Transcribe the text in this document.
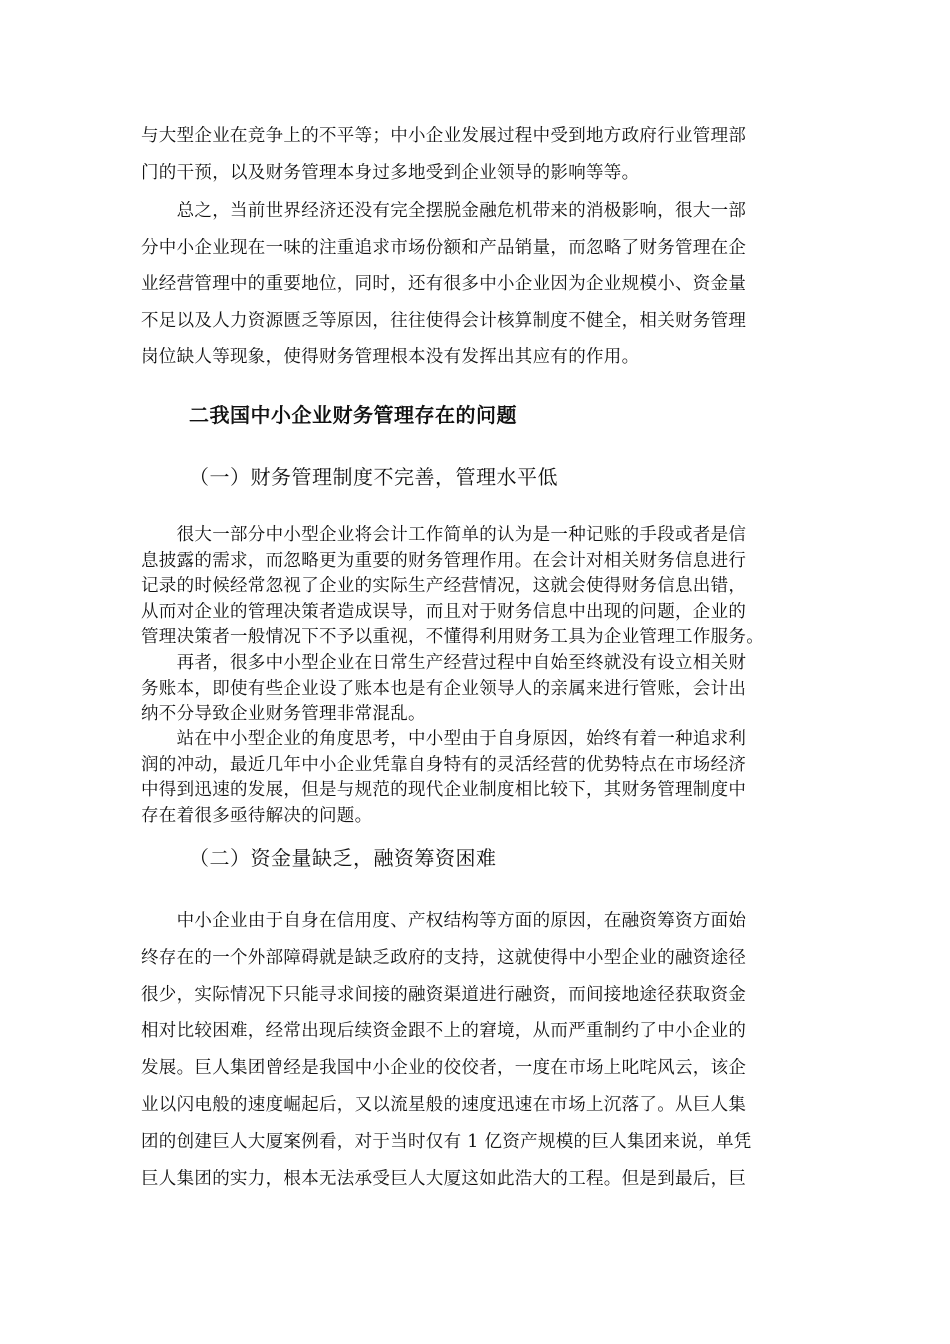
与大型企业在竞争上的不平等；中小企业发展过程中受到地方政府行业管理部
门的干预，以及财务管理本身过多地受到企业领导的影响等等。
　　总之，当前世界经济还没有完全摆脱金融危机带来的消极影响，很大一部
分中小企业现在一味的注重追求市场份额和产品销量，而忽略了财务管理在企
业经营管理中的重要地位，同时，还有很多中小企业因为企业规模小、资金量
不足以及人力资源匮乏等原因，往往使得会计核算制度不健全，相关财务管理
岗位缺人等现象，使得财务管理根本没有发挥出其应有的作用。
二我国中小企业财务管理存在的问题
（一）财务管理制度不完善，管理水平低
　　很大一部分中小型企业将会计工作简单的认为是一种记账的手段或者是信
息披露的需求，而忽略更为重要的财务管理作用。在会计对相关财务信息进行
记录的时候经常忽视了企业的实际生产经营情况，这就会使得财务信息出错，
从而对企业的管理决策者造成误导，而且对于财务信息中出现的问题，企业的
管理决策者一般情况下不予以重视，不懂得利用财务工具为企业管理工作服务。
　　再者，很多中小型企业在日常生产经营过程中自始至终就没有设立相关财
务账本，即使有些企业设了账本也是有企业领导人的亲属来进行管账，会计出
纳不分导致企业财务管理非常混乱。
　　站在中小型企业的角度思考，中小型由于自身原因，始终有着一种追求利
润的冲动，最近几年中小企业凭靠自身特有的灵活经营的优势特点在市场经济
中得到迅速的发展，但是与规范的现代企业制度相比较下，其财务管理制度中
存在着很多亟待解决的问题。
（二）资金量缺乏，融资筹资困难
　　中小企业由于自身在信用度、产权结构等方面的原因，在融资筹资方面始
终存在的一个外部障碍就是缺乏政府的支持，这就使得中小型企业的融资途径
很少，实际情况下只能寻求间接的融资渠道进行融资，而间接地途径获取资金
相对比较困难，经常出现后续资金跟不上的窘境，从而严重制约了中小企业的
发展。巨人集团曾经是我国中小企业的佼佼者，一度在市场上叱咤风云，该企
业以闪电般的速度崛起后，又以流星般的速度迅速在市场上沉落了。从巨人集
团的创建巨人大厦案例看，对于当时仅有 1 亿资产规模的巨人集团来说，单凭
巨人集团的实力，根本无法承受巨人大厦这如此浩大的工程。但是到最后，巨
